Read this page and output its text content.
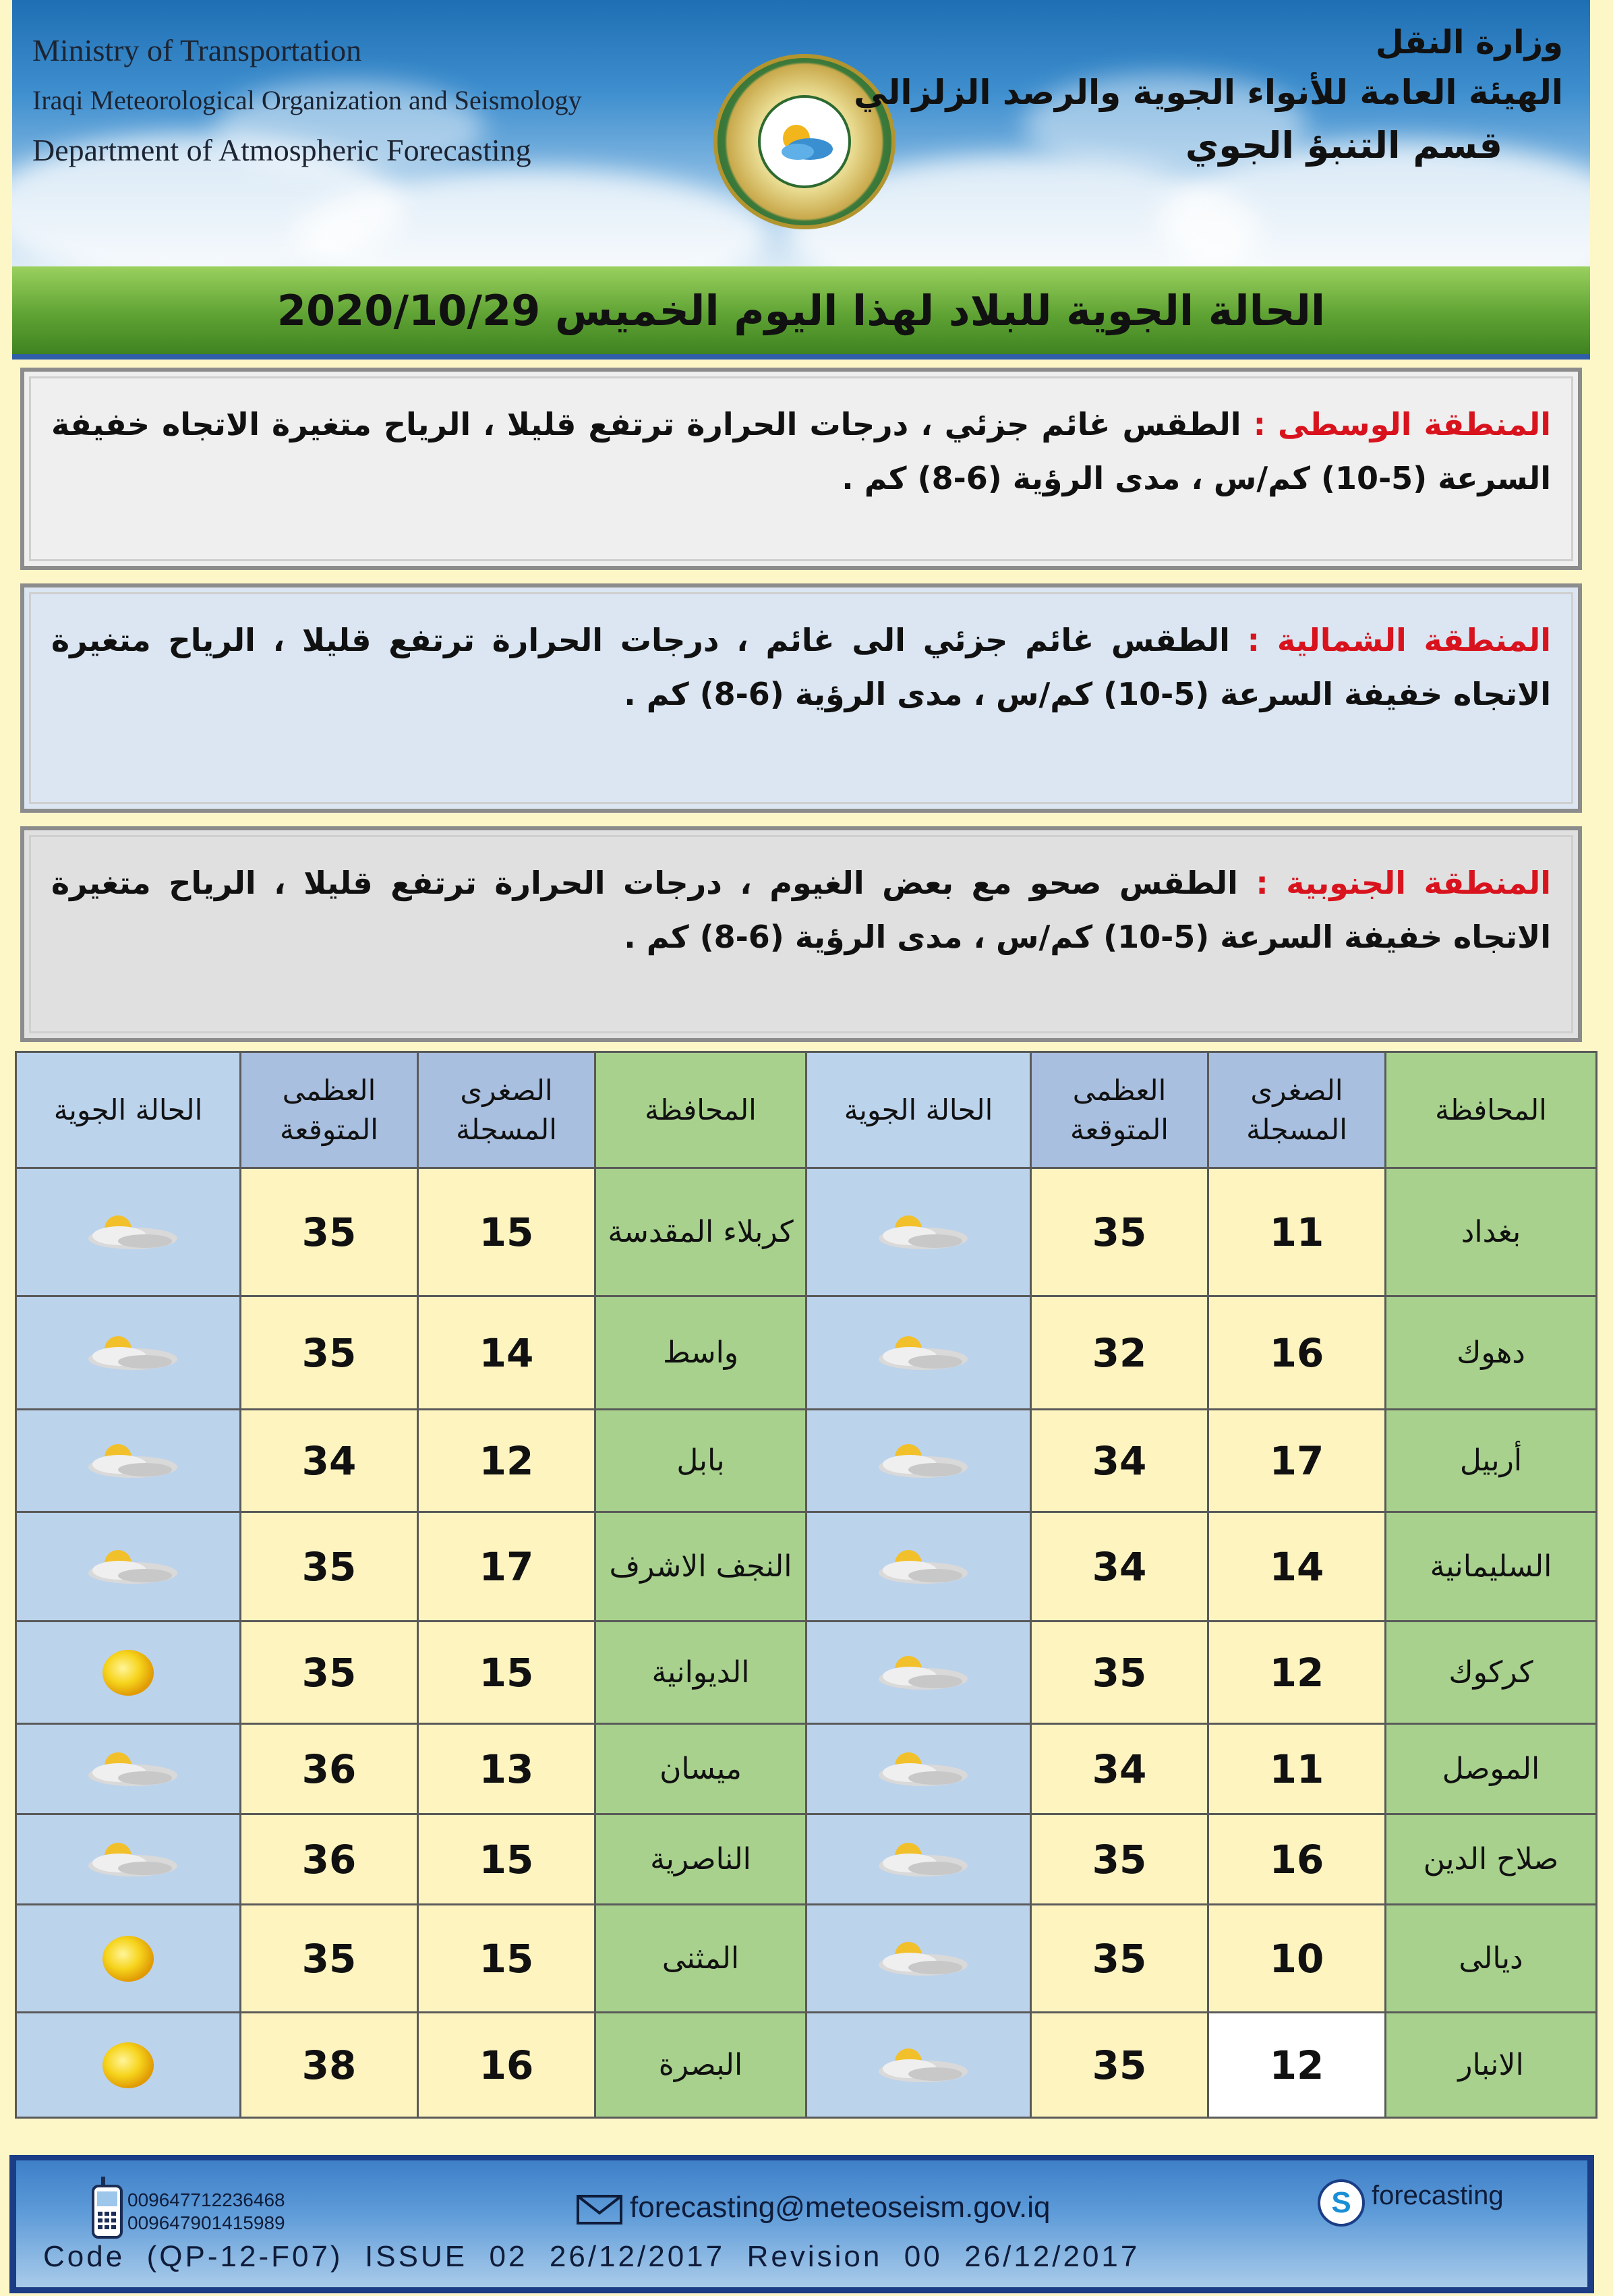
Ministry of Transportation
Iraqi Meteorological Organization and Seismology
Department of Atmospheric Forecasting
وزارة النقل
الهيئة العامة للأنواء الجوية والرصد الزلزالي
قسم التنبؤ الجوي
الحالة الجوية للبلاد لهذا اليوم الخميس 2020/10/29
المنطقة الوسطى : الطقس غائم جزئي ، درجات الحرارة ترتفع قليلا ، الرياح متغيرة الاتجاه خفيفة السرعة (5-10) كم/س ، مدى الرؤية (6-8) كم .
المنطقة الشمالية : الطقس غائم جزئي الى غائم ، درجات الحرارة ترتفع قليلا ، الرياح متغيرة الاتجاه خفيفة السرعة (5-10) كم/س ، مدى الرؤية (6-8) كم .
المنطقة الجنوبية : الطقس صحو مع بعض الغيوم ، درجات الحرارة ترتفع قليلا ، الرياح متغيرة الاتجاه خفيفة السرعة (5-10) كم/س ، مدى الرؤية (6-8) كم .
المحافظة	الصغرى المسجلة	العظمى المتوقعة	الحالة الجوية	المحافظة	الصغرى المسجلة	العظمى المتوقعة	الحالة الجوية
بغداد	11	35		كربلاء المقدسة	15	35	

دهوك	16	32		واسط	14	35	

أربيل	17	34		بابل	12	34	

السليمانية	14	34		النجف الاشرف	17	35	

كركوك	12	35		الديوانية	15	35	

الموصل	11	34		ميسان	13	36	

صلاح الدين	16	35		الناصرية	15	36	

ديالى	10	35		المثنى	15	35	

الانبار	12	35		البصرة	16	38	
009647712236468
009647901415989	forecasting@meteoseism.gov.iq	S forecasting
Code  (QP-12-F07)  ISSUE  02  26/12/2017  Revision  00  26/12/2017
